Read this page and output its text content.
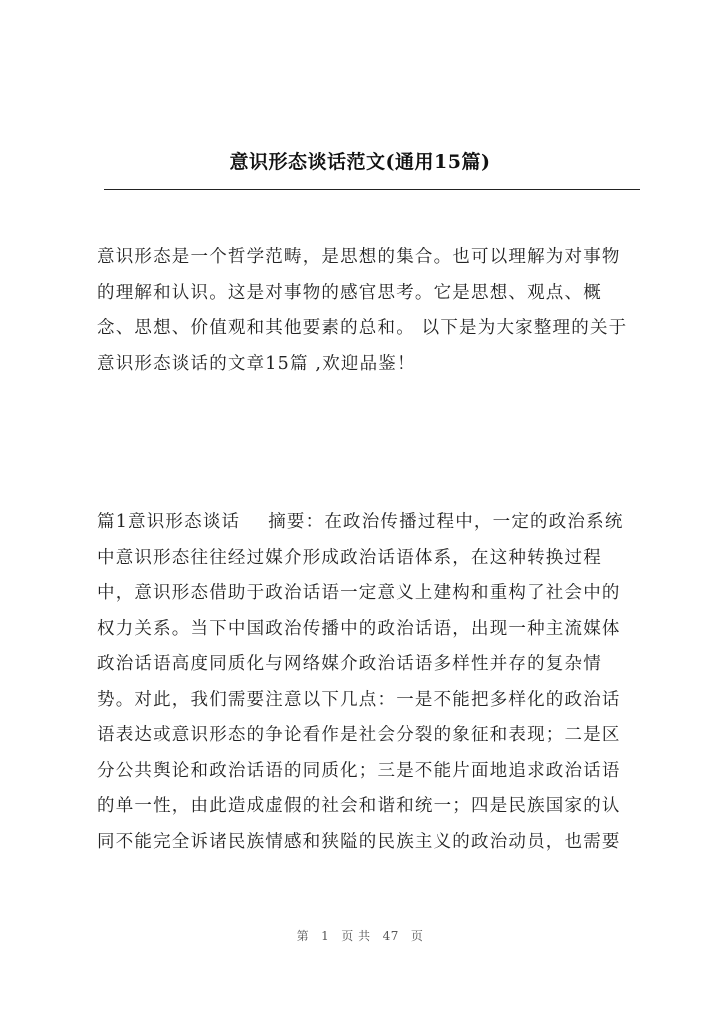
意识形态谈话范文(通用15篇)

意识形态是一个哲学范畴，是思想的集合。也可以理解为对事物的理解和认识。这是对事物的感官思考。它是思想、观点、概念、思想、价值观和其他要素的总和。 以下是为大家整理的关于意识形态谈话的文章15篇 ,欢迎品鉴！

篇1意识形态谈话 摘要：在政治传播过程中，一定的政治系统中意识形态往往经过媒介形成政治话语体系，在这种转换过程中，意识形态借助于政治话语一定意义上建构和重构了社会中的权力关系。当下中国政治传播中的政治话语，出现一种主流媒体政治话语高度同质化与网络媒介政治话语多样性并存的复杂情势。对此，我们需要注意以下几点：一是不能把多样化的政治话语表达或意识形态的争论看作是社会分裂的象征和表现；二是区分公共舆论和政治话语的同质化；三是不能片面地追求政治话语的单一性，由此造成虚假的社会和谐和统一；四是民族国家的认同不能完全诉诸民族情感和狭隘的民族主义的政治动员，也需要

第 1 页 共 47 页
